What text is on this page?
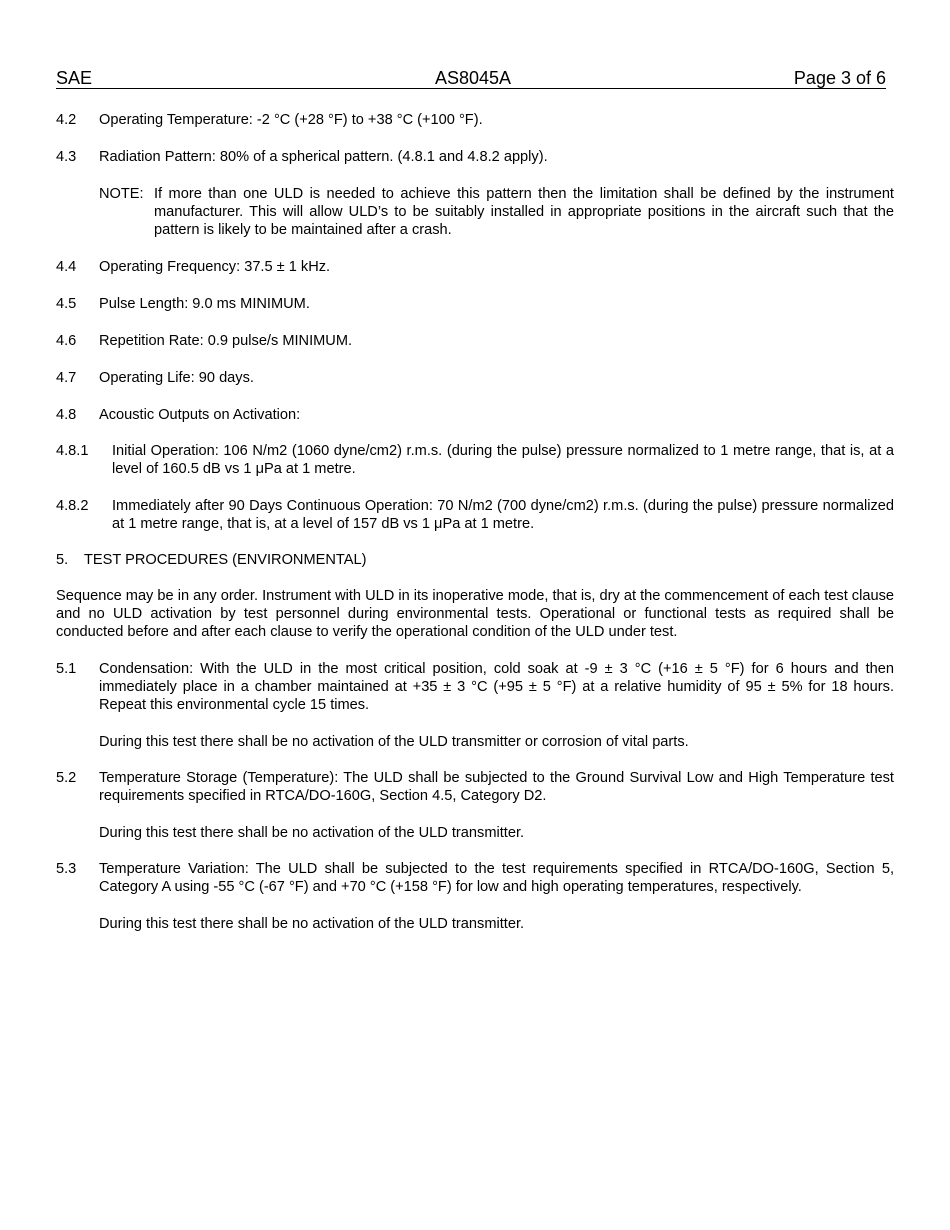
SAE	AS8045A	Page 3 of 6
4.2 Operating Temperature: -2 °C (+28 °F) to +38 °C (+100 °F).
4.3 Radiation Pattern: 80% of a spherical pattern. (4.8.1 and 4.8.2 apply).
NOTE: If more than one ULD is needed to achieve this pattern then the limitation shall be defined by the instrument manufacturer. This will allow ULD’s to be suitably installed in appropriate positions in the aircraft such that the pattern is likely to be maintained after a crash.
4.4 Operating Frequency: 37.5 ± 1 kHz.
4.5 Pulse Length: 9.0 ms MINIMUM.
4.6 Repetition Rate: 0.9 pulse/s MINIMUM.
4.7 Operating Life: 90 days.
4.8 Acoustic Outputs on Activation:
4.8.1 Initial Operation: 106 N/m2 (1060 dyne/cm2) r.m.s. (during the pulse) pressure normalized to 1 metre range, that is, at a level of 160.5 dB vs 1 μPa at 1 metre.
4.8.2 Immediately after 90 Days Continuous Operation: 70 N/m2 (700 dyne/cm2) r.m.s. (during the pulse) pressure normalized at 1 metre range, that is, at a level of 157 dB vs 1 μPa at 1 metre.
5. TEST PROCEDURES (ENVIRONMENTAL)
Sequence may be in any order. Instrument with ULD in its inoperative mode, that is, dry at the commencement of each test clause and no ULD activation by test personnel during environmental tests. Operational or functional tests as required shall be conducted before and after each clause to verify the operational condition of the ULD under test.
5.1 Condensation: With the ULD in the most critical position, cold soak at -9 ± 3 °C (+16 ± 5 °F) for 6 hours and then immediately place in a chamber maintained at +35 ± 3 °C (+95 ± 5 °F) at a relative humidity of 95 ± 5% for 18 hours. Repeat this environmental cycle 15 times.
During this test there shall be no activation of the ULD transmitter or corrosion of vital parts.
5.2 Temperature Storage (Temperature): The ULD shall be subjected to the Ground Survival Low and High Temperature test requirements specified in RTCA/DO-160G, Section 4.5, Category D2.
During this test there shall be no activation of the ULD transmitter.
5.3 Temperature Variation: The ULD shall be subjected to the test requirements specified in RTCA/DO-160G, Section 5, Category A using -55 °C (-67 °F) and +70 °C (+158 °F) for low and high operating temperatures, respectively.
During this test there shall be no activation of the ULD transmitter.
